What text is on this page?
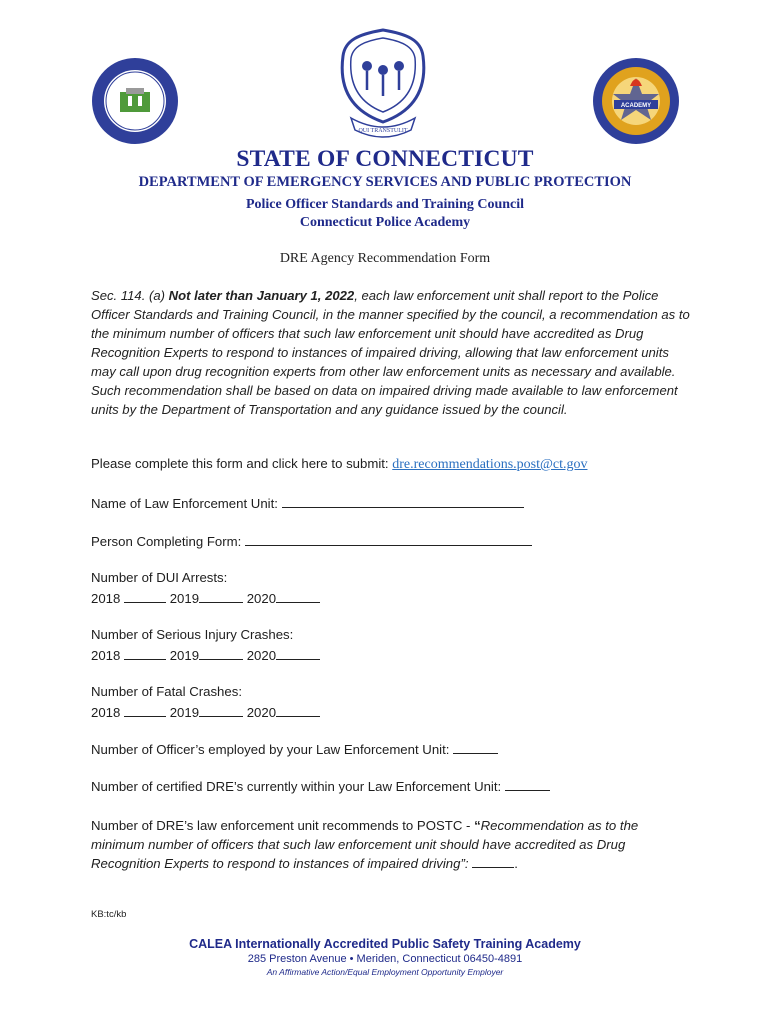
QUI TRANSTULIT
ACADEMY
STATE OF CONNECTICUT
DEPARTMENT OF EMERGENCY SERVICES AND PUBLIC PROTECTION
Police Officer Standards and Training Council
Connecticut Police Academy
DRE Agency Recommendation Form
Sec. 114. (a) Not later than January 1, 2022, each law enforcement unit shall report to the Police Officer Standards and Training Council, in the manner specified by the council, a recommendation as to the minimum number of officers that such law enforcement unit should have accredited as Drug Recognition Experts to respond to instances of impaired driving, allowing that law enforcement units may call upon drug recognition experts from other law enforcement units as necessary and available. Such recommendation shall be based on data on impaired driving made available to law enforcement units by the Department of Transportation and any guidance issued by the council.
Please complete this form and click here to submit: dre.recommendations.post@ct.gov
Name of Law Enforcement Unit:
Person Completing Form:
Number of DUI Arrests:
2018	2019	2020
Number of Serious Injury Crashes:
2018	2019	2020
Number of Fatal Crashes:
2018	2019	2020
Number of Officer’s employed by your Law Enforcement Unit:
Number of certified DRE’s currently within your Law Enforcement Unit:
Number of DRE’s law enforcement unit recommends to POSTC - “Recommendation as to the minimum number of officers that such law enforcement unit should have accredited as Drug Recognition Experts to respond to instances of impaired driving”:	.
KB:tc/kb
CALEA Internationally Accredited Public Safety Training Academy
285 Preston Avenue • Meriden, Connecticut 06450-4891
An Affirmative Action/Equal Employment Opportunity Employer
